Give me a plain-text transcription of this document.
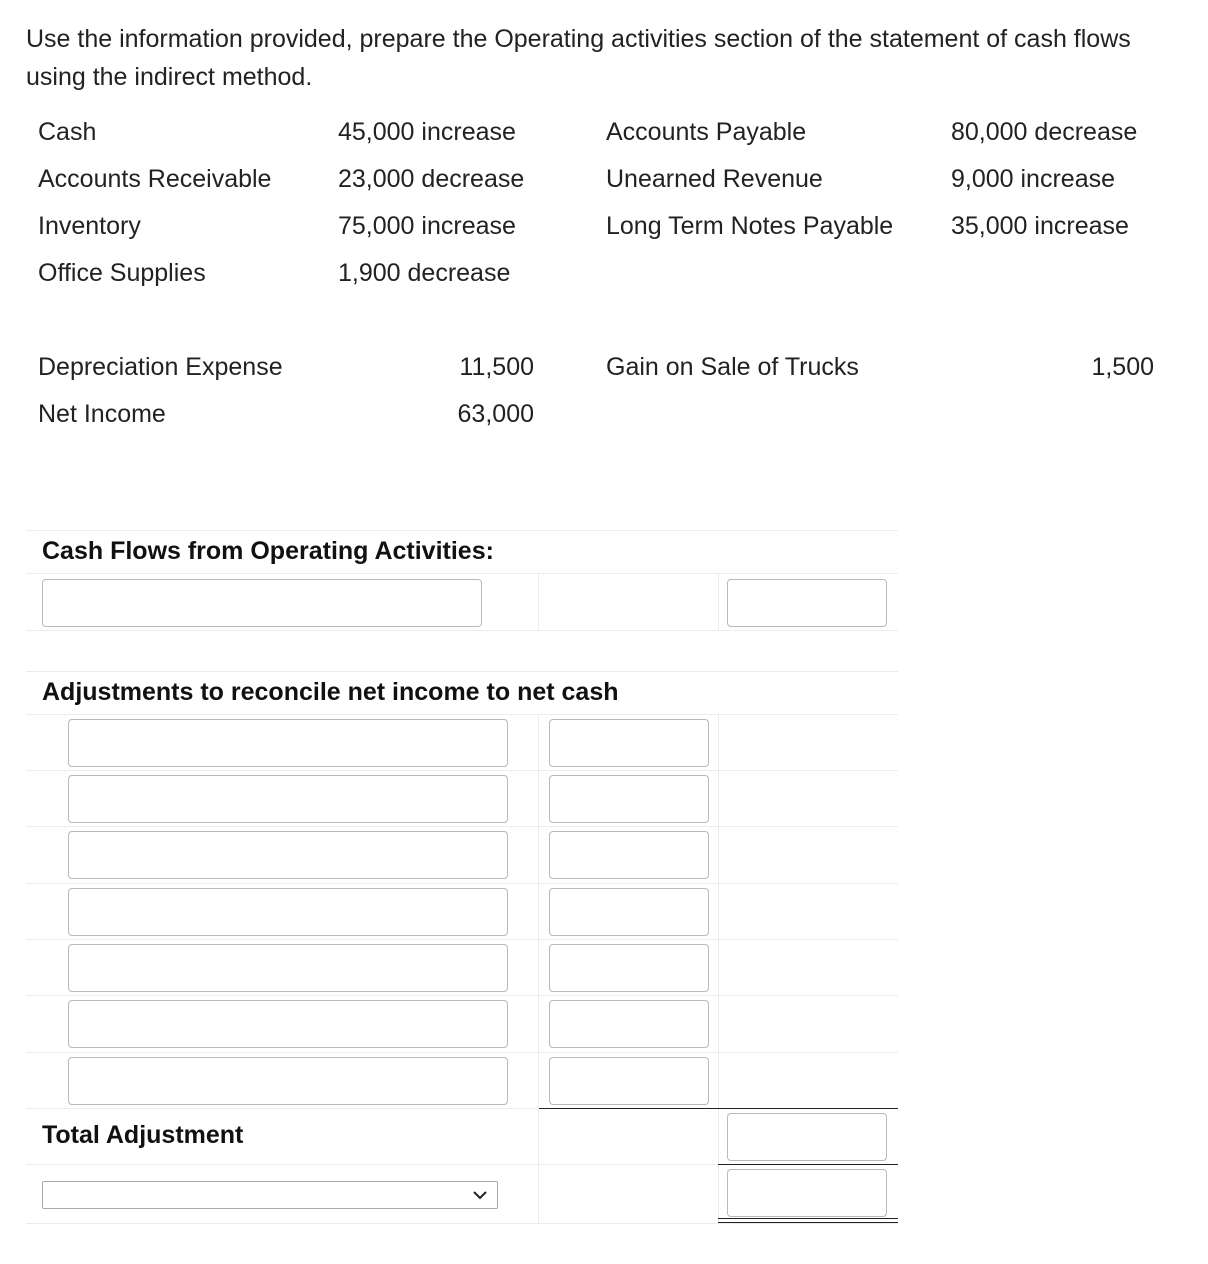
Use the information provided, prepare the Operating activities section of the statement of cash flows using the indirect method.
Cash	45,000 increase	Accounts Payable	80,000 decrease
Accounts Receivable	23,000 decrease	Unearned Revenue	9,000 increase
Inventory	75,000 increase	Long Term Notes Payable 35,000 increase
Office Supplies	1,900 decrease
Depreciation Expense	11,500	Gain on Sale of Trucks	1,500
Net Income	63,000
Cash Flows from Operating Activities:
Adjustments to reconcile net income to net cash
Total Adjustment
